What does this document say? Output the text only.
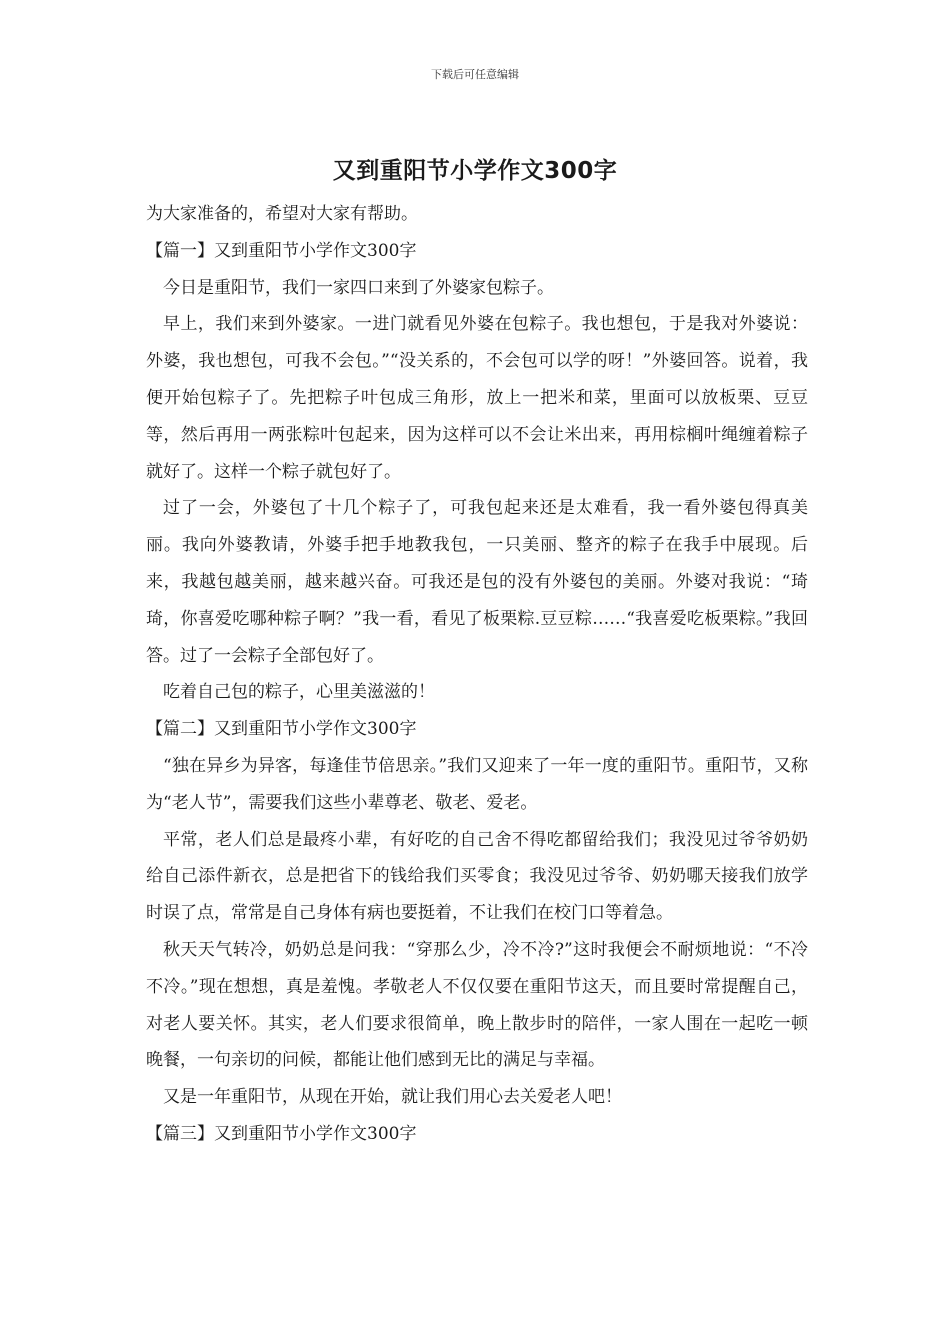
下载后可任意编辑
又到重阳节小学作文300字

为大家准备的，希望对大家有帮助。

【篇一】又到重阳节小学作文300字

今日是重阳节，我们一家四口来到了外婆家包粽子。

早上，我们来到外婆家。一进门就看见外婆在包粽子。我也想包，于是我对外婆说：外婆，我也想包，可我不会包。”“没关系的，不会包可以学的呀！”外婆回答。说着，我便开始包粽子了。先把粽子叶包成三角形，放上一把米和菜，里面可以放板栗、豆豆等，然后再用一两张粽叶包起来，因为这样可以不会让米出来，再用棕榈叶绳缠着粽子就好了。这样一个粽子就包好了。

过了一会，外婆包了十几个粽子了，可我包起来还是太难看，我一看外婆包得真美丽。我向外婆教请，外婆手把手地教我包，一只美丽、整齐的粽子在我手中展现。后来，我越包越美丽，越来越兴奋。可我还是包的没有外婆包的美丽。外婆对我说：“琦琦，你喜爱吃哪种粽子啊？”我一看，看见了板栗粽.豆豆粽……“我喜爱吃板栗粽。”我回答。过了一会粽子全部包好了。

吃着自己包的粽子，心里美滋滋的！

【篇二】又到重阳节小学作文300字

“独在异乡为异客，每逢佳节倍思亲。”我们又迎来了一年一度的重阳节。重阳节，又称为“老人节”，需要我们这些小辈尊老、敬老、爱老。

平常，老人们总是最疼小辈，有好吃的自己舍不得吃都留给我们；我没见过爷爷奶奶给自己添件新衣，总是把省下的钱给我们买零食；我没见过爷爷、奶奶哪天接我们放学时误了点，常常是自己身体有病也要挺着，不让我们在校门口等着急。

秋天天气转冷，奶奶总是问我：“穿那么少，冷不冷?”这时我便会不耐烦地说：“不冷不冷。”现在想想，真是羞愧。孝敬老人不仅仅要在重阳节这天，而且要时常提醒自己，对老人要关怀。其实，老人们要求很简单，晚上散步时的陪伴，一家人围在一起吃一顿晚餐，一句亲切的问候，都能让他们感到无比的满足与幸福。

又是一年重阳节，从现在开始，就让我们用心去关爱老人吧！

【篇三】又到重阳节小学作文300字
